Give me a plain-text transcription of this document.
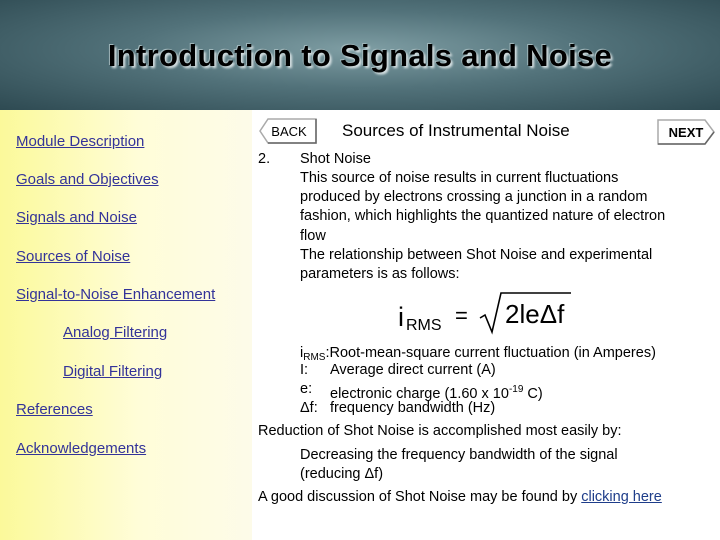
Introduction to Signals and Noise
Module Description
Goals and Objectives
Signals and Noise
Sources of Noise
Signal-to-Noise Enhancement
Analog Filtering
Digital Filtering
References
Acknowledgements
BACK	Sources of Instrumental Noise	NEXT
2. Shot Noise
This source of noise results in current fluctuations
produced by electrons crossing a junction in a random
fashion, which highlights the quantized nature of electron
flow
The relationship between Shot Noise and experimental
parameters is as follows:
i RMS = 2leΔf
$i_{RMS}:Root-mean$-square current fluctuation (in Amperes)
I: Average direct current (A)
e: electronic charge (1.60 x $10^{-19}$ C)
Δf: frequency bandwidth (Hz)
Reduction of Shot Noise is accomplished most easily by:
Decreasing the frequency bandwidth of the signal
(reducing Δf)
A good discussion of Shot Noise may be found by clicking here
